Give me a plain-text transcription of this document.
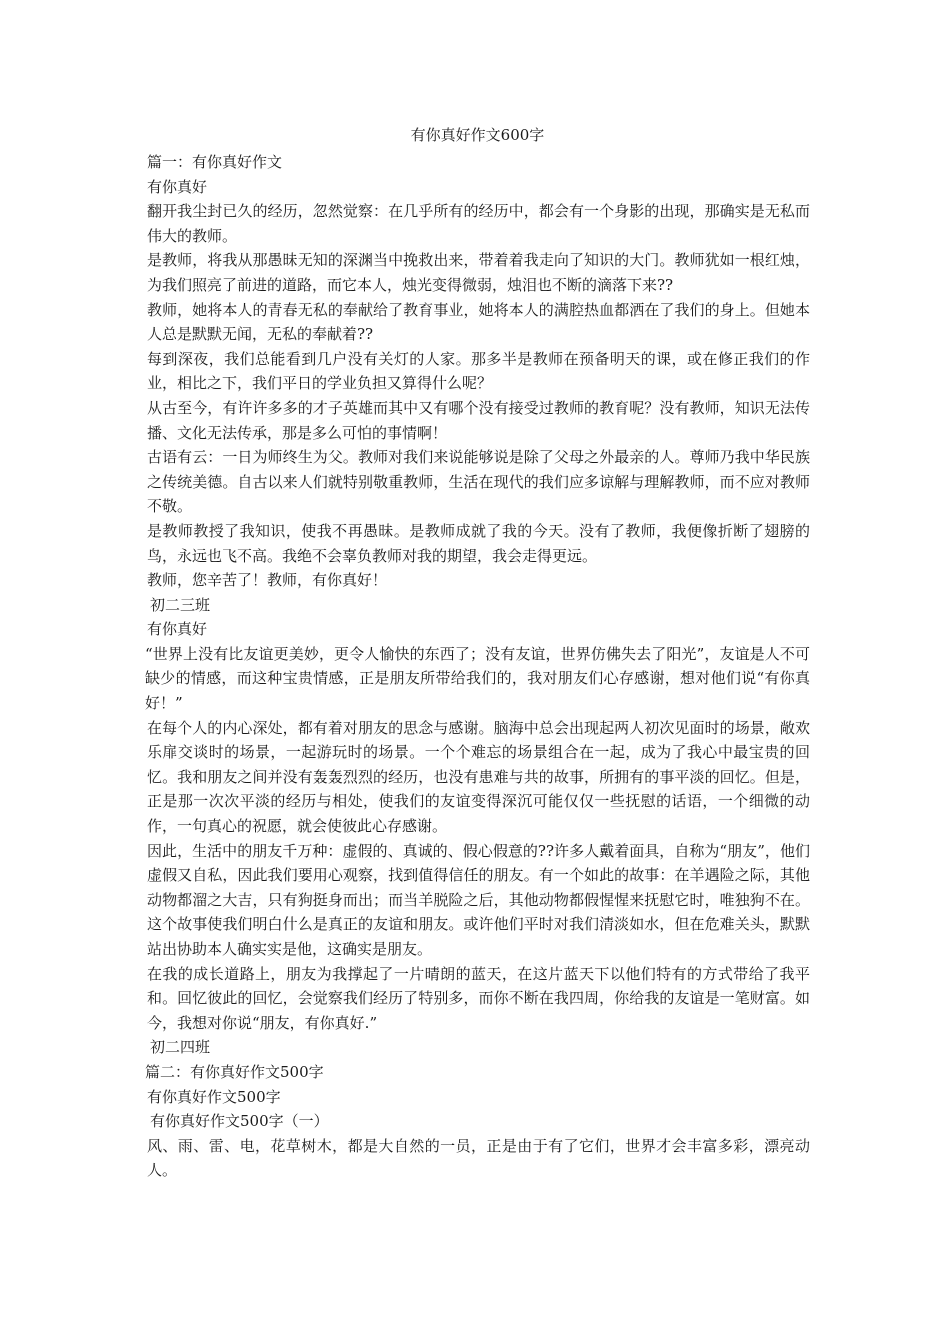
有你真好作文600字

篇一：有你真好作文

有你真好

翻开我尘封已久的经历，忽然觉察：在几乎所有的经历中，都会有一个身影的出现，那确实是无私而伟大的教师。

是教师，将我从那愚昧无知的深渊当中挽救出来，带着着我走向了知识的大门。教师犹如一根红烛，为我们照亮了前进的道路，而它本人，烛光变得微弱，烛泪也不断的滴落下来??

教师，她将本人的青春无私的奉献给了教育事业，她将本人的满腔热血都洒在了我们的身上。但她本人总是默默无闻，无私的奉献着??

每到深夜，我们总能看到几户没有关灯的人家。那多半是教师在预备明天的课，或在修正我们的作业，相比之下，我们平日的学业负担又算得什么呢？

从古至今，有许许多多的才子英雄而其中又有哪个没有接受过教师的教育呢？没有教师，知识无法传播、文化无法传承，那是多么可怕的事情啊！

古语有云：一日为师终生为父。教师对我们来说能够说是除了父母之外最亲的人。尊师乃我中华民族之传统美德。自古以来人们就特别敬重教师，生活在现代的我们应多谅解与理解教师，而不应对教师不敬。

是教师教授了我知识，使我不再愚昧。是教师成就了我的今天。没有了教师，我便像折断了翅膀的鸟，永远也飞不高。我绝不会辜负教师对我的期望，我会走得更远。

教师，您辛苦了！教师，有你真好！

初二三班

有你真好

“世界上没有比友谊更美妙，更令人愉快的东西了；没有友谊，世界仿佛失去了阳光”，友谊是人不可缺少的情感，而这种宝贵情感，正是朋友所带给我们的，我对朋友们心存感谢，想对他们说“有你真好！”

在每个人的内心深处，都有着对朋友的思念与感谢。脑海中总会出现起两人初次见面时的场景，敞欢乐扉交谈时的场景，一起游玩时的场景。一个个难忘的场景组合在一起，成为了我心中最宝贵的回忆。我和朋友之间并没有轰轰烈烈的经历，也没有患难与共的故事，所拥有的事平淡的回忆。但是，正是那一次次平淡的经历与相处，使我们的友谊变得深沉可能仅仅一些抚慰的话语，一个细微的动作，一句真心的祝愿，就会使彼此心存感谢。

因此，生活中的朋友千万种：虚假的、真诚的、假心假意的??许多人戴着面具，自称为“朋友”，他们虚假又自私，因此我们要用心观察，找到值得信任的朋友。有一个如此的故事：在羊遇险之际，其他动物都溜之大吉，只有狗挺身而出；而当羊脱险之后，其他动物都假惺惺来抚慰它时，唯独狗不在。这个故事使我们明白什么是真正的友谊和朋友。或许他们平时对我们清淡如水，但在危难关头，默默站出协助本人确实实是他，这确实是朋友。

在我的成长道路上，朋友为我撑起了一片晴朗的蓝天，在这片蓝天下以他们特有的方式带给了我平和。回忆彼此的回忆，会觉察我们经历了特别多，而你不断在我四周，你给我的友谊是一笔财富。如今，我想对你说“朋友，有你真好.”

初二四班

篇二：有你真好作文500字

有你真好作文500字

有你真好作文500字（一）

风、雨、雷、电，花草树木，都是大自然的一员，正是由于有了它们，世界才会丰富多彩，漂亮动人。
